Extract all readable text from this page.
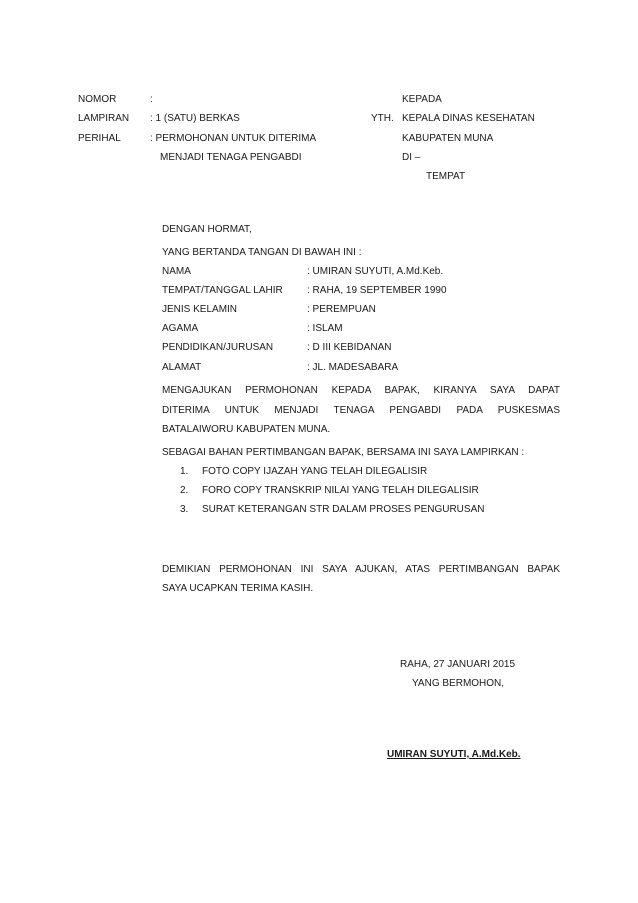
NOMOR	:
LAMPIRAN : 1 (SATU) BERKAS
PERIHAL	: PERMOHONAN UNTUK DITERIMA
MENJADI TENAGA PENGABDI
KEPADA
YTH. KEPALA DINAS KESEHATAN
KABUPATEN MUNA
DI –
TEMPAT
DENGAN HORMAT,
YANG BERTANDA TANGAN DI BAWAH INI :
NAMA	: UMIRAN SUYUTI, A.Md.Keb.
TEMPAT/TANGGAL LAHIR : RAHA, 19 SEPTEMBER 1990
JENIS KELAMIN	: PEREMPUAN
AGAMA	: ISLAM
PENDIDIKAN/JURUSAN	: D III KEBIDANAN
ALAMAT	: JL. MADESABARA
MENGAJUKAN PERMOHONAN KEPADA BAPAK, KIRANYA SAYA DAPAT
DITERIMA UNTUK MENJADI TENAGA PENGABDI PADA PUSKESMAS
BATALAIWORU KABUPATEN MUNA.
SEBAGAI BAHAN PERTIMBANGAN BAPAK, BERSAMA INI SAYA LAMPIRKAN :
1. FOTO COPY IJAZAH YANG TELAH DILEGALISIR
2. FORO COPY TRANSKRIP NILAI YANG TELAH DILEGALISIR
3. SURAT KETERANGAN STR DALAM PROSES PENGURUSAN
DEMIKIAN PERMOHONAN INI SAYA AJUKAN, ATAS PERTIMBANGAN BAPAK
SAYA UCAPKAN TERIMA KASIH.
RAHA, 27 JANUARI 2015
YANG BERMOHON,
UMIRAN SUYUTI, A.Md.Keb.
